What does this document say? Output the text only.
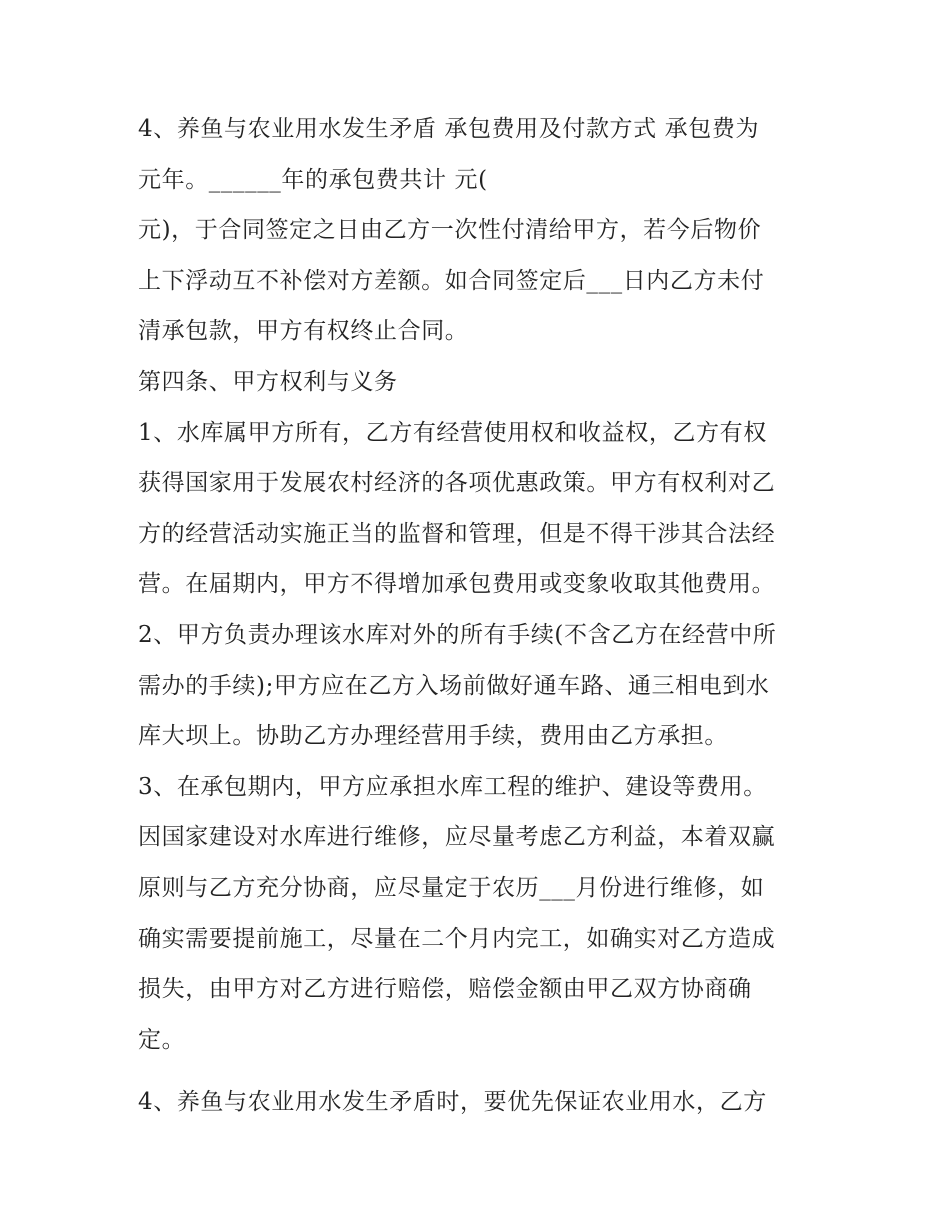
4、养鱼与农业用水发生矛盾 承包费用及付款方式 承包费为
元年。______年的承包费共计 元(
元)，于合同签定之日由乙方一次性付清给甲方，若今后物价
上下浮动互不补偿对方差额。如合同签定后___日内乙方未付
清承包款，甲方有权终止合同。
第四条、甲方权利与义务
1、水库属甲方所有，乙方有经营使用权和收益权，乙方有权
获得国家用于发展农村经济的各项优惠政策。甲方有权利对乙
方的经营活动实施正当的监督和管理，但是不得干涉其合法经
营。在届期内，甲方不得增加承包费用或变象收取其他费用。
2、甲方负责办理该水库对外的所有手续(不含乙方在经营中所
需办的手续);甲方应在乙方入场前做好通车路、通三相电到水
库大坝上。协助乙方办理经营用手续，费用由乙方承担。
3、在承包期内，甲方应承担水库工程的维护、建设等费用。
因国家建设对水库进行维修，应尽量考虑乙方利益，本着双赢
原则与乙方充分协商，应尽量定于农历___月份进行维修，如
确实需要提前施工，尽量在二个月内完工，如确实对乙方造成
损失，由甲方对乙方进行赔偿，赔偿金额由甲乙双方协商确
定。
4、养鱼与农业用水发生矛盾时，要优先保证农业用水，乙方
